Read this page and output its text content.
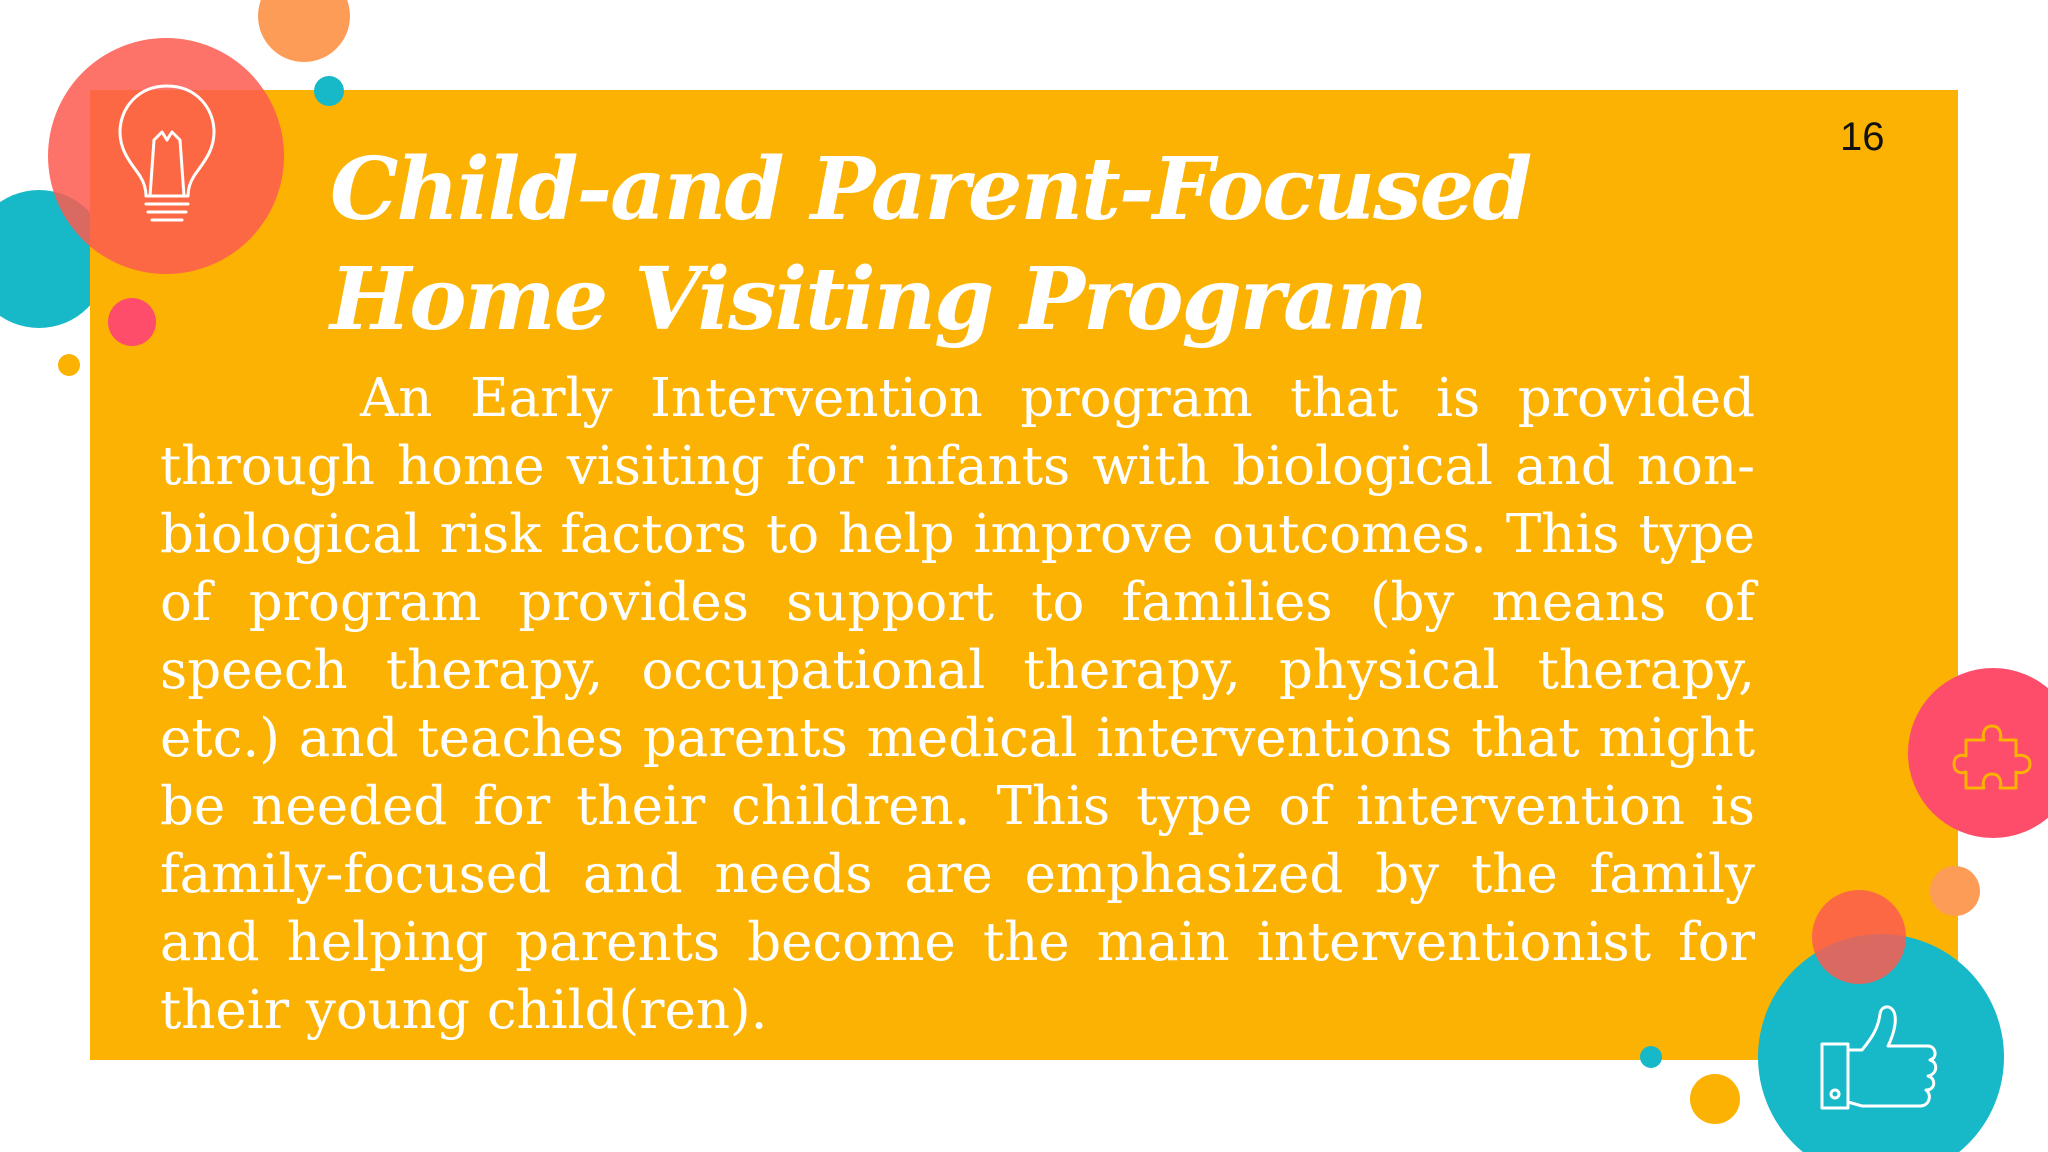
16
Child-and Parent-Focused Home Visiting Program

An Early Intervention program that is provided through home visiting for infants with biological and non-biological risk factors to help improve outcomes. This type of program provides support to families (by means of speech therapy, occupational therapy, physical therapy, etc.) and teaches parents medical interventions that might be needed for their children. This type of intervention is family-focused and needs are emphasized by the family and helping parents become the main interventionist for their young child(ren).
